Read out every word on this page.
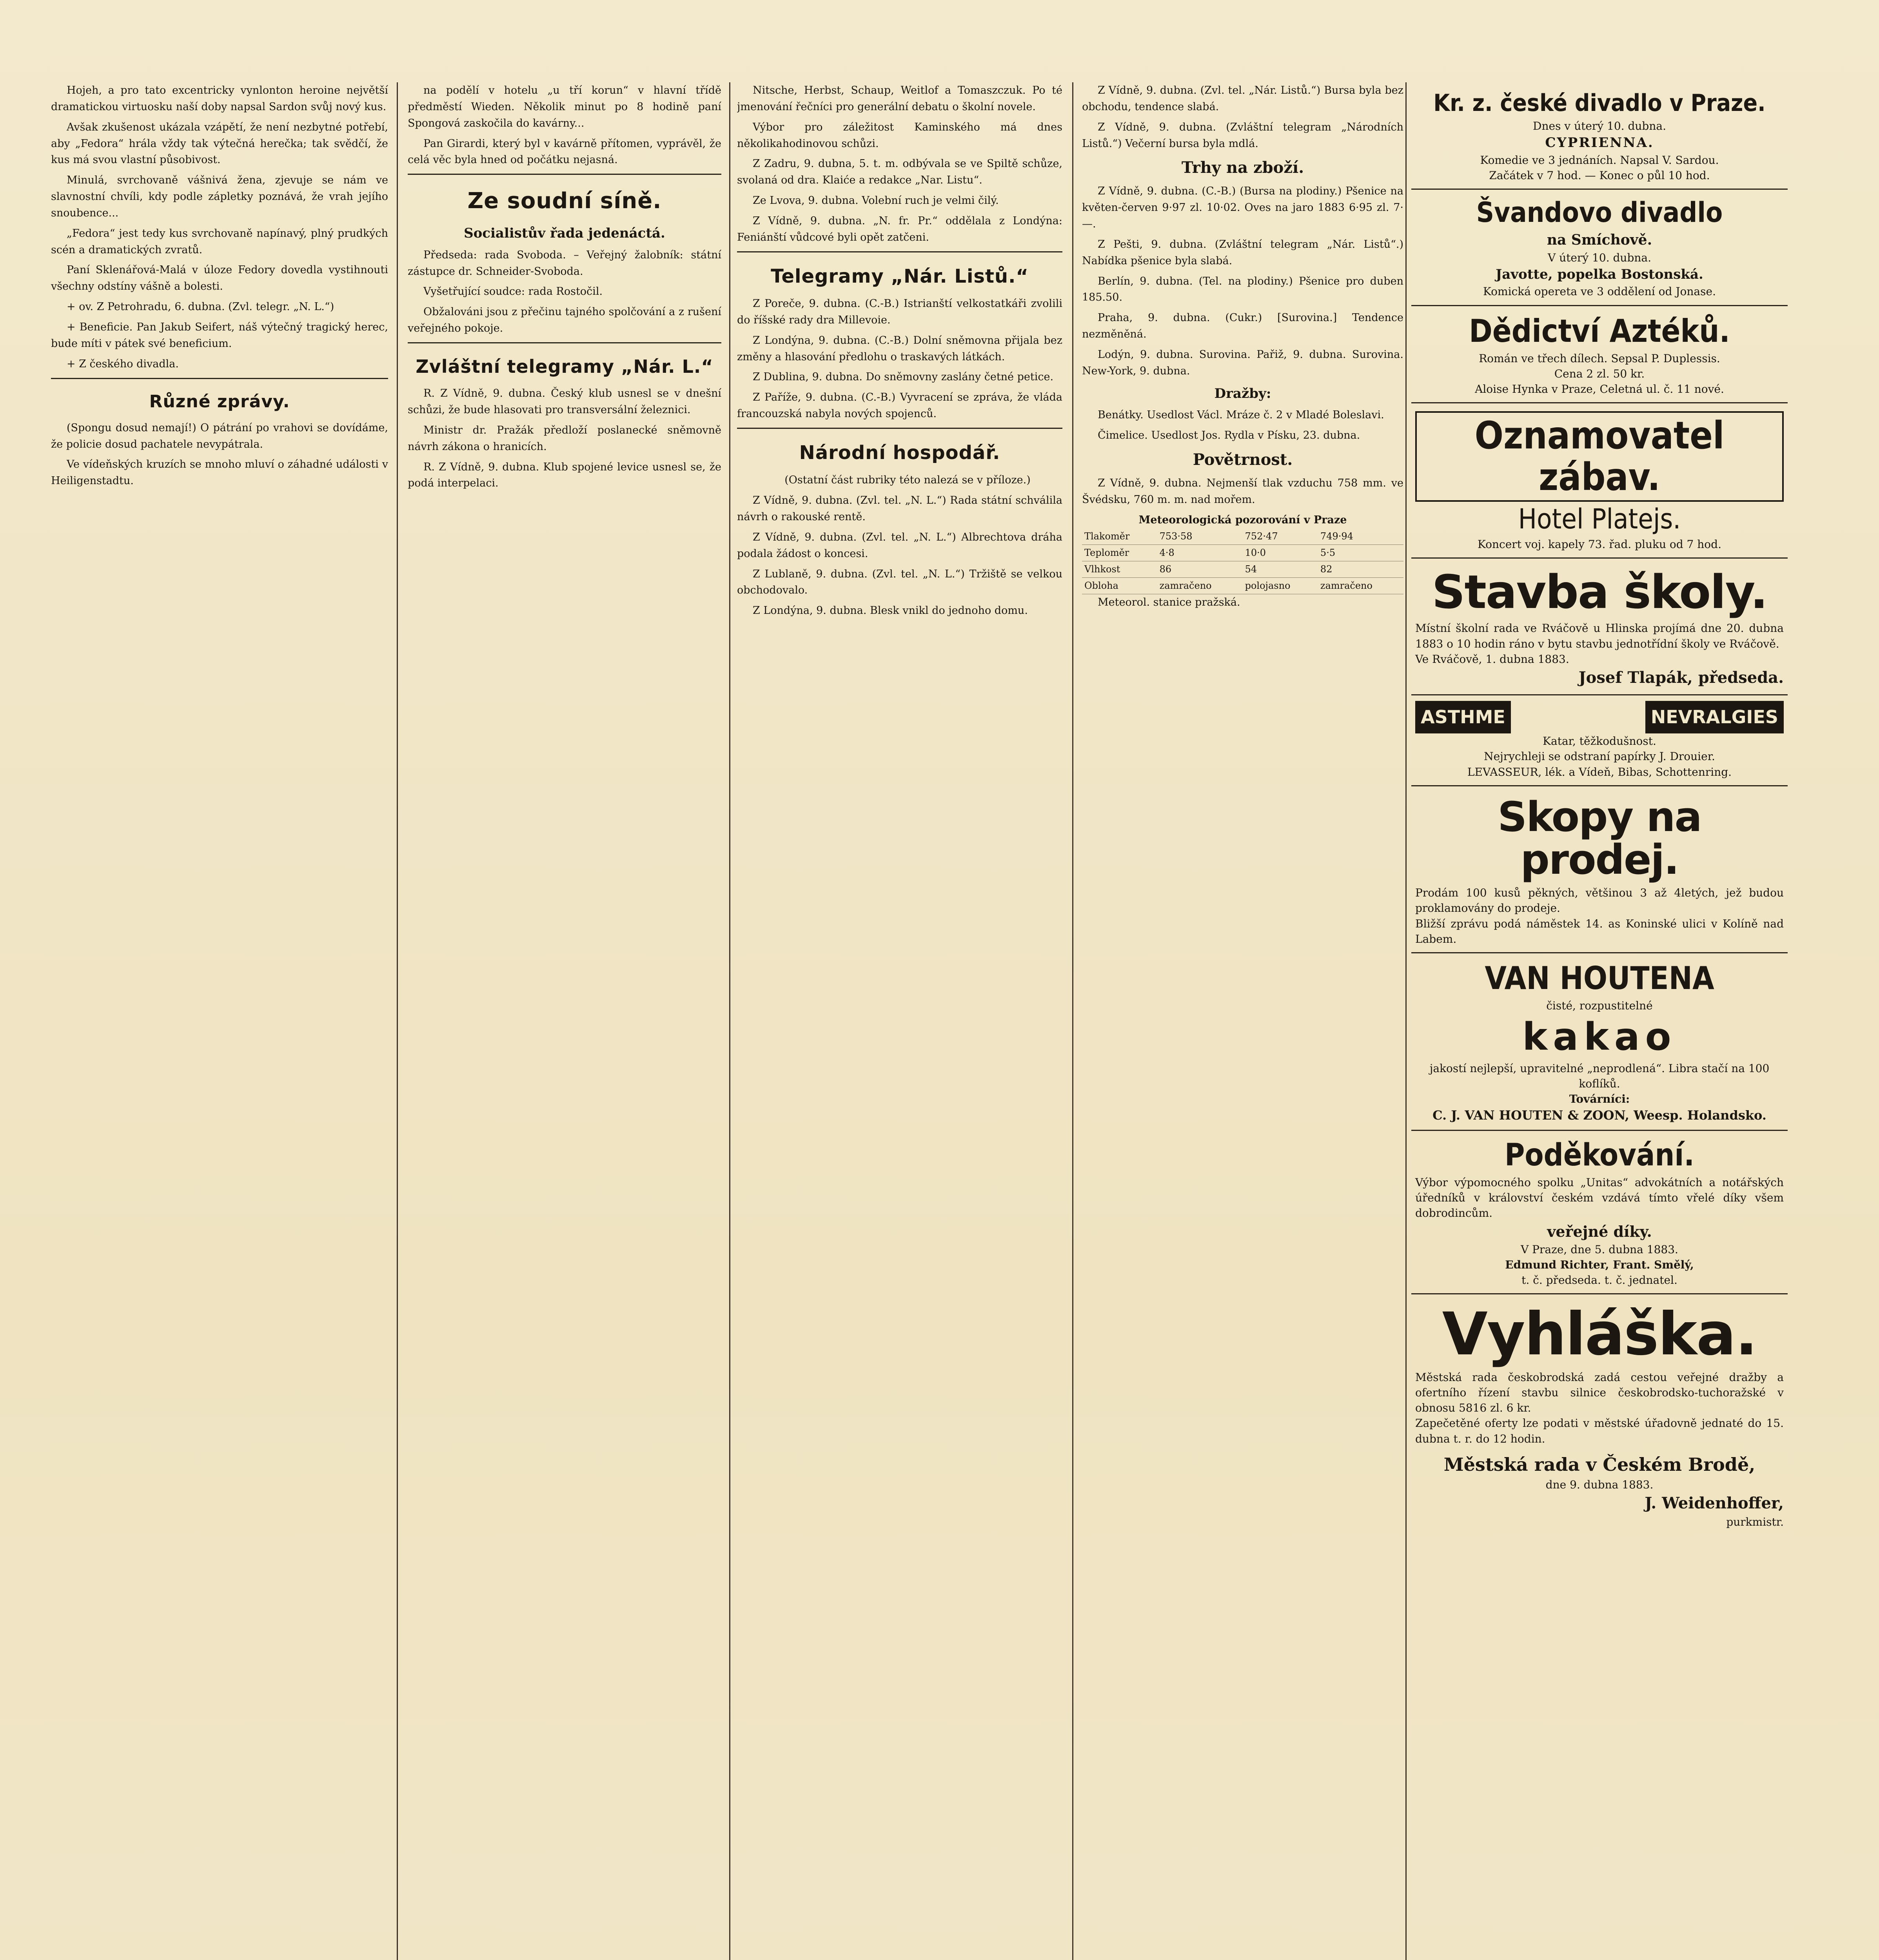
Hojeh, a pro tato excentricky vynlonton heroine největší dramatickou virtuosku naší doby napsal Sardon svůj nový kus.

Avšak zkušenost ukázala vzápětí, že není nezbytné potřebí, aby „Fedora“ hrála vždy tak výtečná herečka; tak svědčí, že kus má svou vlastní působivost.

Minulá, svrchovaně vášnivá žena, zjevuje se nám ve slavnostní chvíli, kdy podle zápletky poznává, že vrah jejího snoubence...

„Fedora“ jest tedy kus svrchovaně napínavý, plný prudkých scén a dramatických zvratů.

Paní Sklenářová-Malá v úloze Fedory dovedla vystihnouti všechny odstíny vášně a bolesti.

+ ov. Z Petrohradu, 6. dubna. (Zvl. telegr. „N. L.“)

+ Beneficie. Pan Jakub Seifert, náš výtečný tragický herec, bude míti v pátek své beneficium.

+ Z českého divadla.

Různé zprávy.

(Spongu dosud nemají!) O pátrání po vrahovi se dovídáme, že policie dosud pachatele nevypátrala.

Ve vídeňských kruzích se mnoho mluví o záhadné události v Heiligenstadtu.

na podělí v hotelu „u tří korun“ v hlavní třídě předměstí Wieden. Několik minut po 8 hodině paní Spongová zaskočila do kavárny...

Pan Girardi, který byl v kavárně přítomen, vyprávěl, že celá věc byla hned od počátku nejasná.

Ze soudní síně.
Socialistův řada jedenáctá.

Předseda: rada Svoboda. – Veřejný žalobník: státní zástupce dr. Schneider-Svoboda.

Vyšetřující soudce: rada Rostočil.

Obžalováni jsou z přečinu tajného spolčování a z rušení veřejného pokoje.

Zvláštní telegramy „Nár. L.“

R. Z Vídně, 9. dubna. Český klub usnesl se v dnešní schůzi, že bude hlasovati pro transversální železnici.

Ministr dr. Pražák předloží poslanecké sněmovně návrh zákona o hranicích.

R. Z Vídně, 9. dubna. Klub spojené levice usnesl se, že podá interpelaci.

Nitsche, Herbst, Schaup, Weitlof a Tomaszczuk. Po té jmenování řečníci pro generální debatu o školní novele.

Výbor pro záležitost Kaminského má dnes několikahodinovou schůzi.

Z Zadru, 9. dubna, 5. t. m. odbývala se ve Spiltě schůze, svolaná od dra. Klaiće a redakce „Nar. Listu“.

Ze Lvova, 9. dubna. Volební ruch je velmi čilý.

Z Vídně, 9. dubna. „N. fr. Pr.“ oddělala z Londýna: Feniánští vůdcové byli opět zatčeni.

Telegramy „Nár. Listů.“

Z Poreče, 9. dubna. (C.-B.) Istrianští velkostatkáři zvolili do říšské rady dra Millevoie.

Z Londýna, 9. dubna. (C.-B.) Dolní sněmovna přijala bez změny a hlasování předlohu o traskavých látkách.

Z Dublina, 9. dubna. Do sněmovny zaslány četné petice.

Z Paříže, 9. dubna. (C.-B.) Vyvracení se zpráva, že vláda francouzská nabyla nových spojenců.

Národní hospodář.

(Ostatní část rubriky této nalezá se v příloze.)

Z Vídně, 9. dubna. (Zvl. tel. „N. L.“) Rada státní schválila návrh o rakouské rentě.

Z Vídně, 9. dubna. (Zvl. tel. „N. L.“) Albrechtova dráha podala žádost o koncesi.

Z Lublaně, 9. dubna. (Zvl. tel. „N. L.“) Tržiště se velkou obchodovalo.

Z Londýna, 9. dubna. Blesk vnikl do jednoho domu.

Z Vídně, 9. dubna. (Zvl. tel. „Nár. Listů.“) Bursa byla bez obchodu, tendence slabá.

Z Vídně, 9. dubna. (Zvláštní telegram „Národních Listů.“) Večerní bursa byla mdlá.

Trhy na zboží.

Z Vídně, 9. dubna. (C.-B.) (Bursa na plodiny.) Pšenice na květen-červen 9·97 zl. 10·02. Oves na jaro 1883 6·95 zl. 7·—.

Z Pešti, 9. dubna. (Zvláštní telegram „Nár. Listů“.) Nabídka pšenice byla slabá.

Berlín, 9. dubna. (Tel. na plodiny.) Pšenice pro duben 185.50.

Praha, 9. dubna. (Cukr.) [Surovina.] Tendence nezměněná.

Lodýn, 9. dubna. Surovina. Pařiž, 9. dubna. Surovina. New-York, 9. dubna.

Dražby:

Benátky. Usedlost Václ. Mráze č. 2 v Mladé Boleslavi.

Čimelice. Usedlost Jos. Rydla v Písku, 23. dubna.

Povětrnost.

Z Vídně, 9. dubna. Nejmenší tlak vzduchu 758 mm. ve Švédsku, 760 m. m. nad mořem.

Meteorologická pozorování v Praze
Tlakoměr	753·58	752·47	749·94
Teploměr	4·8	10·0	5·5
Vlhkost	86	54	82
Obloha	zamračeno	polojasno	zamračeno

Meteorol. stanice pražská.

Kr. z. české divadlo v Praze.
Dnes v úterý 10. dubna.
CYPRIENNA.
Komedie ve 3 jednáních. Napsal V. Sardou.
Začátek v 7 hod. — Konec o půl 10 hod.
Švandovo divadlo
na Smíchově.
V úterý 10. dubna.
Javotte, popelka Bostonská.
Komická opereta ve 3 oddělení od Jonase.
Dědictví Aztéků.
Román ve třech dílech. Sepsal P. Duplessis.
Cena 2 zl. 50 kr.
Aloise Hynka v Praze, Celetná ul. č. 11 nové.
Oznamovatel zábav.
Hotel Platejs.
Koncert voj. kapely 73. řad. pluku od 7 hod.
Stavba školy.
Místní školní rada ve Rváčově u Hlinska projímá dne 20. dubna 1883 o 10 hodin ráno v bytu stavbu jednotřídní školy ve Rváčově.
Ve Rváčově, 1. dubna 1883.
Josef Tlapák, předseda.
ASTHME	NEVRALGIES
Katar, těžkodušnost.
Nejrychleji se odstraní papírky J. Drouier.
LEVASSEUR, lék. a Vídeň, Bibas, Schottenring.
Skopy na prodej.
Prodám 100 kusů pěkných, většinou 3 až 4letých, jež budou proklamovány do prodeje.
Bližší zprávu podá náměstek 14. as Koninské ulici v Kolíně nad Labem.
VAN HOUTENA
čisté, rozpustitelné
kakao
jakostí nejlepší, upravitelné „neprodlená“. Libra stačí na 100 koflíků.
Továrníci:
C. J. VAN HOUTEN & ZOON, Weesp. Holandsko.
Poděkování.
Výbor výpomocného spolku „Unitas“ advokátních a notářských úředníků v království českém vzdává tímto vřelé díky všem dobrodincům.
veřejné díky.
V Praze, dne 5. dubna 1883.
Edmund Richter, Frant. Smělý,
t. č. předseda. t. č. jednatel.
Vyhláška.
Městská rada českobrodská zadá cestou veřejné dražby a ofertního řízení stavbu silnice českobrodsko-tuchoražské v obnosu 5816 zl. 6 kr.
Zapečetěné oferty lze podati v městské úřadovně jednaté do 15. dubna t. r. do 12 hodin.
Městská rada v Českém Brodě,
dne 9. dubna 1883.
J. Weidenhoffer,
purkmistr.
